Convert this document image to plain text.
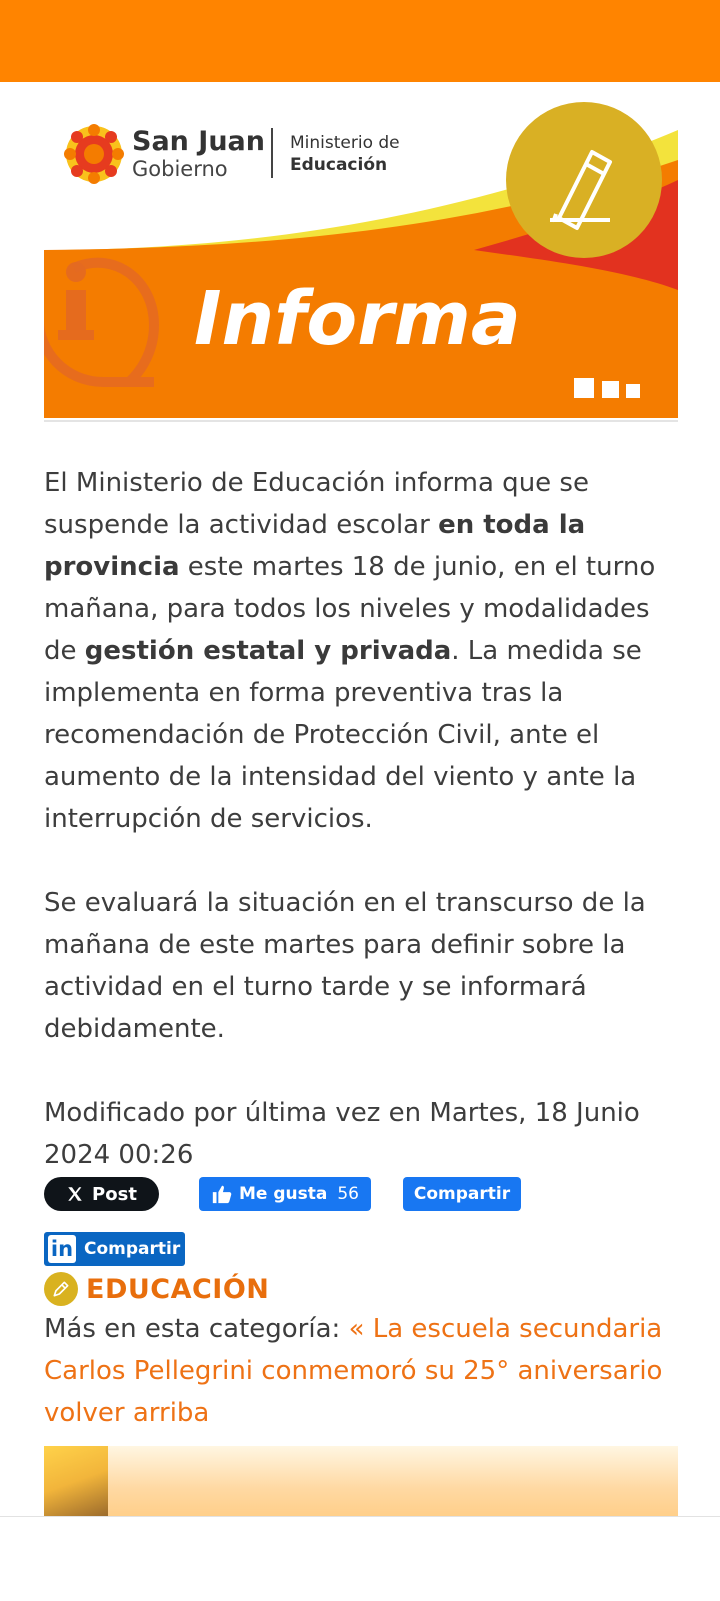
San Juan
Gobierno
Ministerio de
Educación
Informa

El Ministerio de Educación informa que se suspende la actividad escolar en toda la provincia este martes 18 de junio, en el turno mañana, para todos los niveles y modalidades de gestión estatal y privada. La medida se implementa en forma preventiva tras la recomendación de Protección Civil, ante el aumento de la intensidad del viento y ante la interrupción de servicios.

Se evaluará la situación en el transcurso de la mañana de este martes para definir sobre la actividad en el turno tarde y se informará debidamente.

Modificado por última vez en Martes, 18 Junio 2024 00:26

Post	Me gusta 56	Compartir
in Compartir
EDUCACIÓN
Más en esta categoría: « La escuela secundaria Carlos Pellegrini conmemoró su 25° aniversario
volver arriba
